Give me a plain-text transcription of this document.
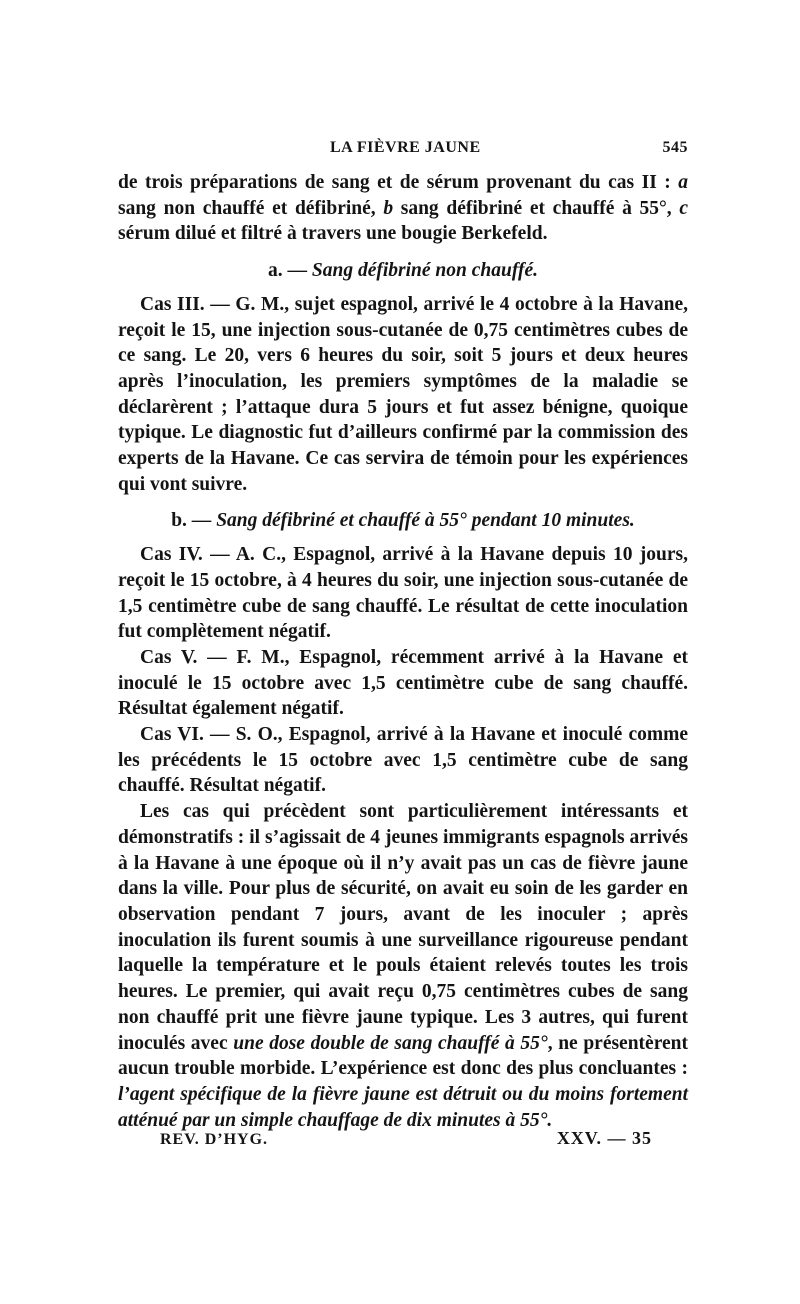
LA FIÈVRE JAUNE	545

de trois préparations de sang et de sérum provenant du cas II : a sang non chauffé et défibriné, b sang défibriné et chauffé à 55°, c sérum dilué et filtré à travers une bougie Berkefeld.

a. — Sang défibriné non chauffé.

Cas III. — G. M., sujet espagnol, arrivé le 4 octobre à la Havane, reçoit le 15, une injection sous-cutanée de 0,75 centimètres cubes de ce sang. Le 20, vers 6 heures du soir, soit 5 jours et deux heures après l’inoculation, les premiers symptômes de la maladie se déclarèrent ; l’attaque dura 5 jours et fut assez bénigne, quoique typique. Le diagnostic fut d’ailleurs confirmé par la commission des experts de la Havane. Ce cas servira de témoin pour les expériences qui vont suivre.

b. — Sang défibriné et chauffé à 55° pendant 10 minutes.

Cas IV. — A. C., Espagnol, arrivé à la Havane depuis 10 jours, reçoit le 15 octobre, à 4 heures du soir, une injection sous-cutanée de 1,5 centimètre cube de sang chauffé. Le résultat de cette inoculation fut complètement négatif.

Cas V. — F. M., Espagnol, récemment arrivé à la Havane et inoculé le 15 octobre avec 1,5 centimètre cube de sang chauffé. Résultat également négatif.

Cas VI. — S. O., Espagnol, arrivé à la Havane et inoculé comme les précédents le 15 octobre avec 1,5 centimètre cube de sang chauffé. Résultat négatif.

Les cas qui précèdent sont particulièrement intéressants et démonstratifs : il s’agissait de 4 jeunes immigrants espagnols arrivés à la Havane à une époque où il n’y avait pas un cas de fièvre jaune dans la ville. Pour plus de sécurité, on avait eu soin de les garder en observation pendant 7 jours, avant de les inoculer ; après inoculation ils furent soumis à une surveillance rigoureuse pendant laquelle la température et le pouls étaient relevés toutes les trois heures. Le premier, qui avait reçu 0,75 centimètres cubes de sang non chauffé prit une fièvre jaune typique. Les 3 autres, qui furent inoculés avec une dose double de sang chauffé à 55°, ne présentèrent aucun trouble morbide. L’expérience est donc des plus concluantes : l’agent spécifique de la fièvre jaune est détruit ou du moins fortement atténué par un simple chauffage de dix minutes à 55°.

REV. D’HYG.	XXV. — 35
